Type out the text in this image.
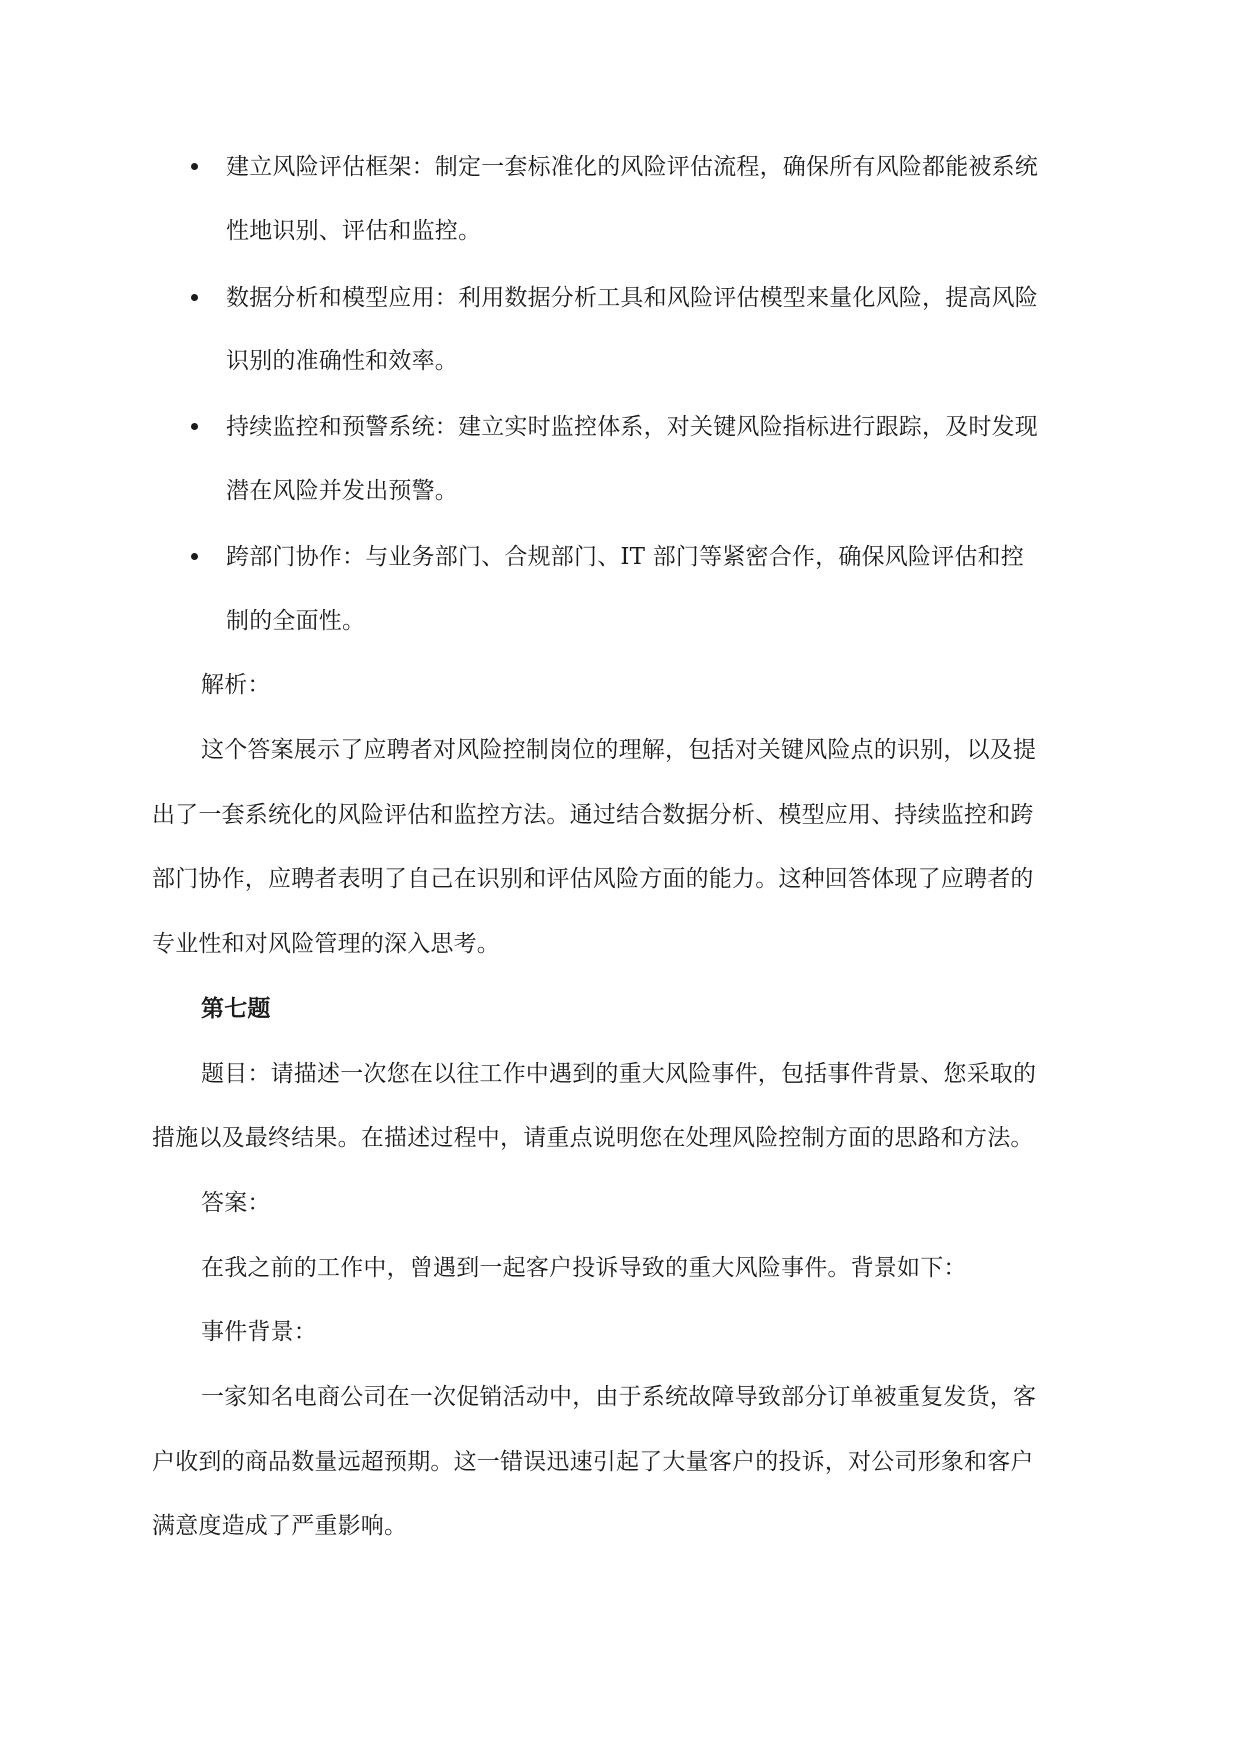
建立风险评估框架：制定一套标准化的风险评估流程，确保所有风险都能被系统
性地识别、评估和监控。
数据分析和模型应用：利用数据分析工具和风险评估模型来量化风险，提高风险
识别的准确性和效率。
持续监控和预警系统：建立实时监控体系，对关键风险指标进行跟踪，及时发现
潜在风险并发出预警。
跨部门协作：与业务部门、合规部门、IT 部门等紧密合作，确保风险评估和控
制的全面性。
解析：
这个答案展示了应聘者对风险控制岗位的理解，包括对关键风险点的识别，以及提
出了一套系统化的风险评估和监控方法。通过结合数据分析、模型应用、持续监控和跨
部门协作，应聘者表明了自己在识别和评估风险方面的能力。这种回答体现了应聘者的
专业性和对风险管理的深入思考。
第七题
题目：请描述一次您在以往工作中遇到的重大风险事件，包括事件背景、您采取的
措施以及最终结果。在描述过程中，请重点说明您在处理风险控制方面的思路和方法。
答案：
在我之前的工作中，曾遇到一起客户投诉导致的重大风险事件。背景如下：
事件背景：
一家知名电商公司在一次促销活动中，由于系统故障导致部分订单被重复发货，客
户收到的商品数量远超预期。这一错误迅速引起了大量客户的投诉，对公司形象和客户
满意度造成了严重影响。
